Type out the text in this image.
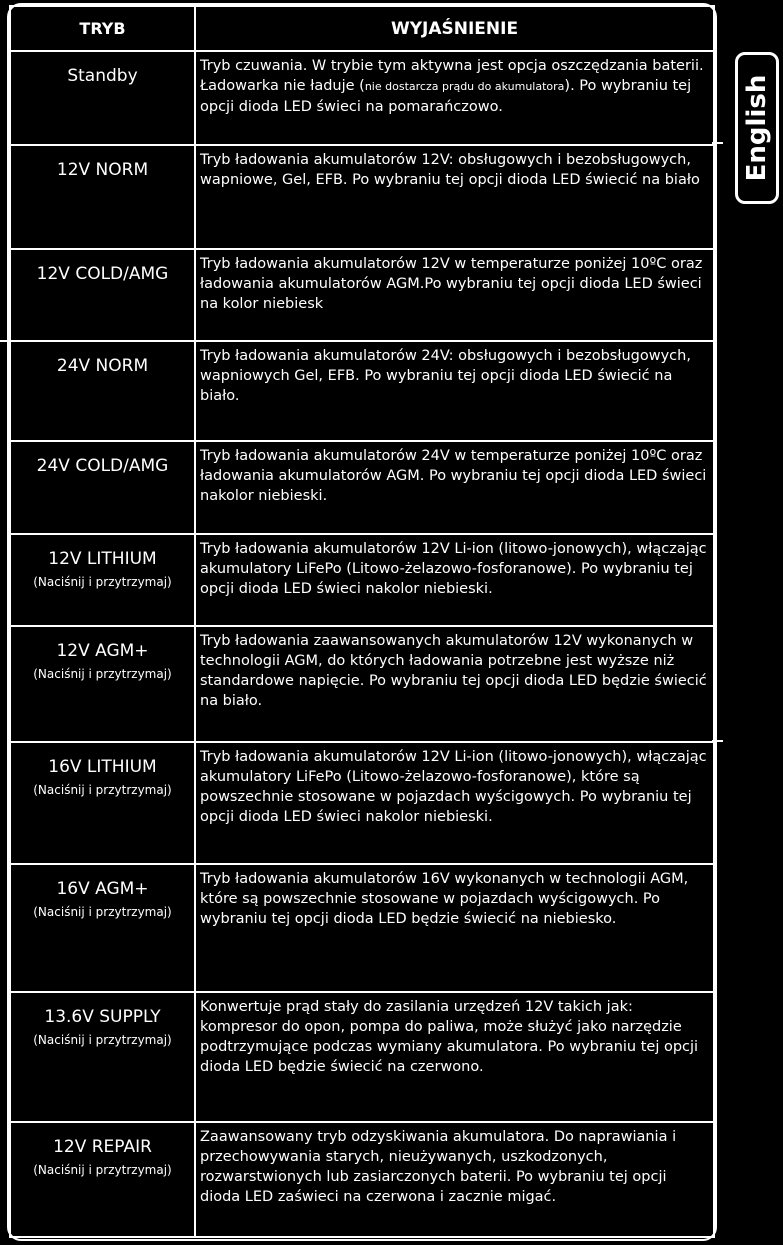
TRYB	WYJAŚNIENIE

Standby	Tryb czuwania. W trybie tym aktywna jest opcja oszczędzania baterii. Ładowarka nie ładuje (nie dostarcza prądu do akumulatora). Po wybraniu tej opcji dioda LED świeci na pomarańczowo.

12V NORM	Tryb ładowania akumulatorów 12V: obsługowych i bezobsługowych, wapniowe, Gel, EFB. Po wybraniu tej opcji dioda LED świecić na biało

12V COLD/AMG	Tryb ładowania akumulatorów 12V w temperaturze poniżej 10ºC oraz ładowania akumulatorów AGM.Po wybraniu tej opcji dioda LED świeci na kolor niebiesk

24V NORM	Tryb ładowania akumulatorów 24V: obsługowych i bezobsługowych, wapniowych Gel, EFB. Po wybraniu tej opcji dioda LED świecić na biało.

24V COLD/AMG	Tryb ładowania akumulatorów 24V w temperaturze poniżej 10ºC oraz ładowania akumulatorów AGM. Po wybraniu tej opcji dioda LED świeci nakolor niebieski.

12V LITHIUM
(Naciśnij i przytrzymaj)	Tryb ładowania akumulatorów 12V Li-ion (litowo-jonowych), włączając akumulatory LiFePo (Litowo-żelazowo-fosforanowe). Po wybraniu tej opcji dioda LED świeci nakolor niebieski.

12V AGM+
(Naciśnij i przytrzymaj)	Tryb ładowania zaawansowanych akumulatorów 12V wykonanych w technologii AGM, do których ładowania potrzebne jest wyższe niż standardowe napięcie. Po wybraniu tej opcji dioda LED będzie świecić na biało.

16V LITHIUM
(Naciśnij i przytrzymaj)	Tryb ładowania akumulatorów 12V Li-ion (litowo-jonowych), włączając akumulatory LiFePo (Litowo-żelazowo-fosforanowe), które są powszechnie stosowane w pojazdach wyścigowych. Po wybraniu tej opcji dioda LED świeci nakolor niebieski.

16V AGM+
(Naciśnij i przytrzymaj)	Tryb ładowania akumulatorów 16V wykonanych w technologii AGM, które są powszechnie stosowane w pojazdach wyścigowych. Po wybraniu tej opcji dioda LED będzie świecić na niebiesko.

13.6V SUPPLY
(Naciśnij i przytrzymaj)	Konwertuje prąd stały do zasilania urzędzeń 12V takich jak: kompresor do opon, pompa do paliwa, może służyć jako narzędzie podtrzymujące podczas wymiany akumulatora. Po wybraniu tej opcji dioda LED będzie świecić na czerwono.

12V REPAIR
(Naciśnij i przytrzymaj)	Zaawansowany tryb odzyskiwania akumulatora. Do naprawiania i przechowywania starych, nieużywanych, uszkodzonych, rozwarstwionych lub zasiarczonych baterii. Po wybraniu tej opcji dioda LED zaświeci na czerwona i zacznie migać.
English
